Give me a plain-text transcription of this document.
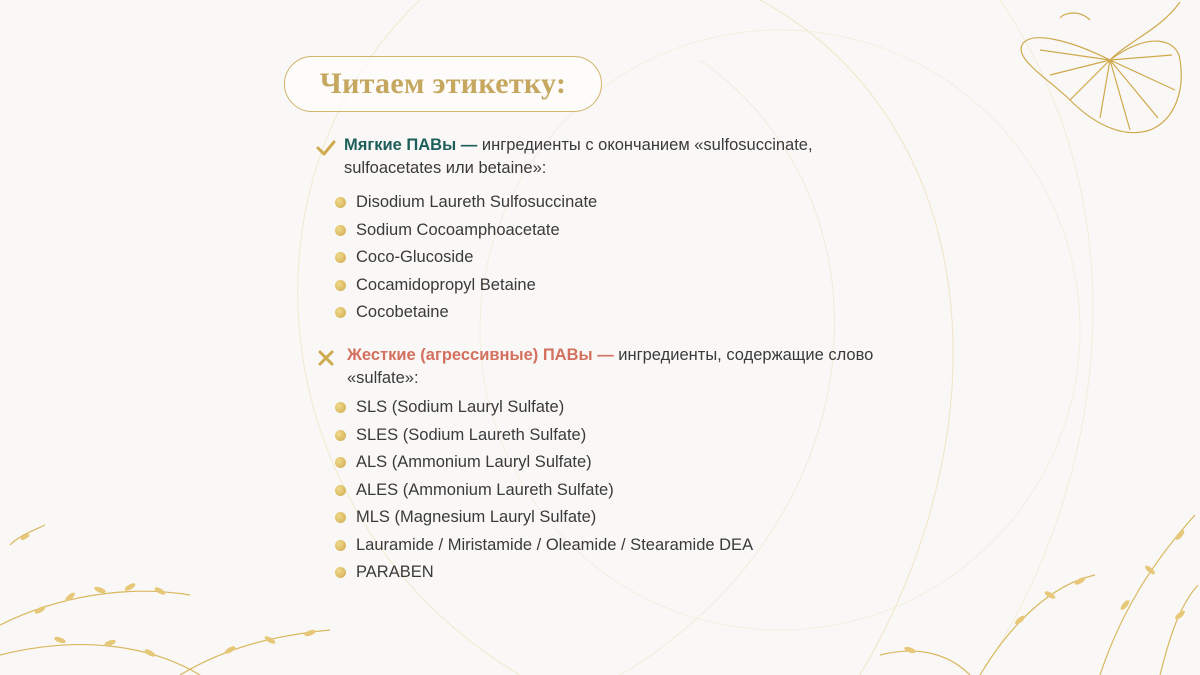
Читаем этикетку:
Мягкие ПАВы — ингредиенты с окончанием «sulfosuccinate,
sulfoacetates или betaine»:
Disodium Laureth Sulfosuccinate
Sodium Cocoamphoacetate
Coco-Glucoside
Cocamidopropyl Betaine
Cocobetaine
Жесткие (агрессивные) ПАВы — ингредиенты, содержащие слово
«sulfate»:
SLS (Sodium Lauryl Sulfate)
SLES (Sodium Laureth Sulfate)
ALS (Ammonium Lauryl Sulfate)
ALES (Ammonium Laureth Sulfate)
MLS (Magnesium Lauryl Sulfate)
Lauramide / Miristamide / Oleamide / Stearamide DEA
PARABEN
